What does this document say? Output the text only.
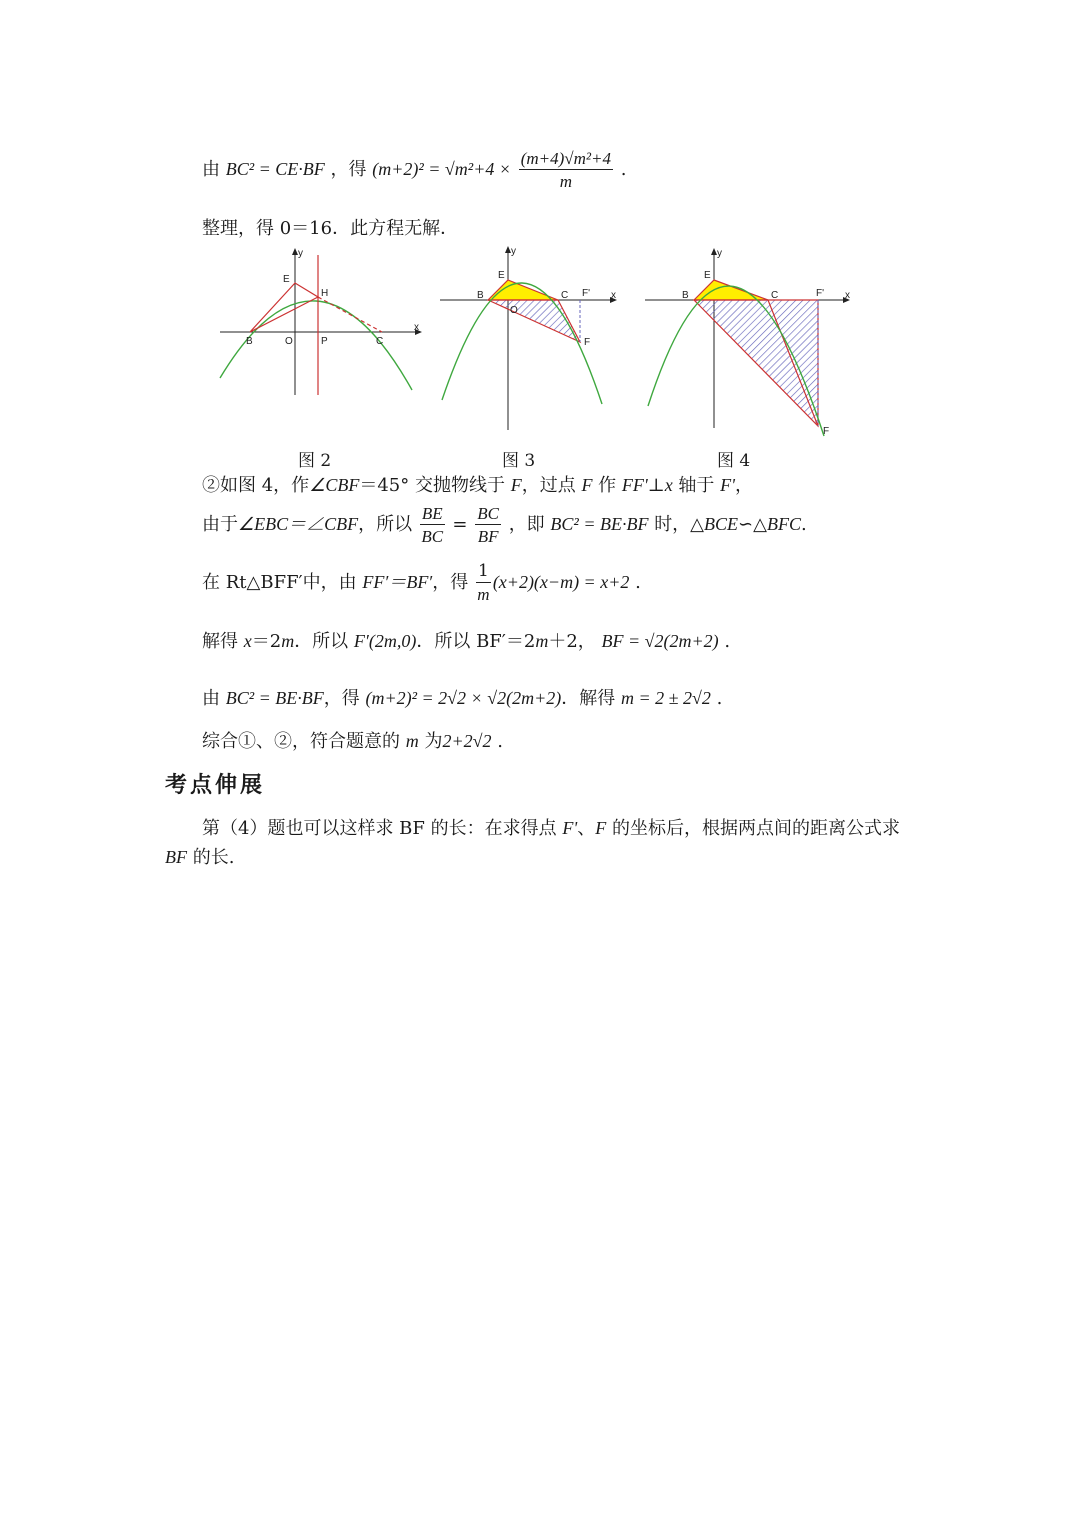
由 BC² = CE·BF ，得 $(m+2)^2 = √m^2+4 \times \frac{\text{(m+4)√m²+4}}{m}$ .
整理，得 0＝16．此方程无解．
y
x
E
H
B	O	P	C
y
x
E
B	C F'
F
O
y
x
E
B	C	F'
F
图 2	图 3	图 4
②如图 4，作∠CBF＝45° 交抛物线于 F，过点 F 作 FF'⊥x 轴于 F'，
由于∠EBC＝∠CBF，所以 $\frac{BE}{BC} = \frac{BC}{BF}$ ，即 BC² = BE·BF 时，△BCE∽△BFC.
在 Rt△BFF′中，由 FF′＝BF′，得 $\frac{1}{m} (x+2)(x-m) = x+2$ .
解得 x＝2m．所以 F′(2m,0)．所以 BF′＝2m＋2， BF = √2(2m+2) .
由 BC² = BE·BF，得 (m+2)² = 2√2 × √2(2m+2)．解得 m = 2 ± 2√2 .
综合①、②，符合题意的 m 为2+2√2 .
考点伸展
第（4）题也可以这样求 BF 的长：在求得点 F'、F 的坐标后，根据两点间的距离公式求 BF 的长.
